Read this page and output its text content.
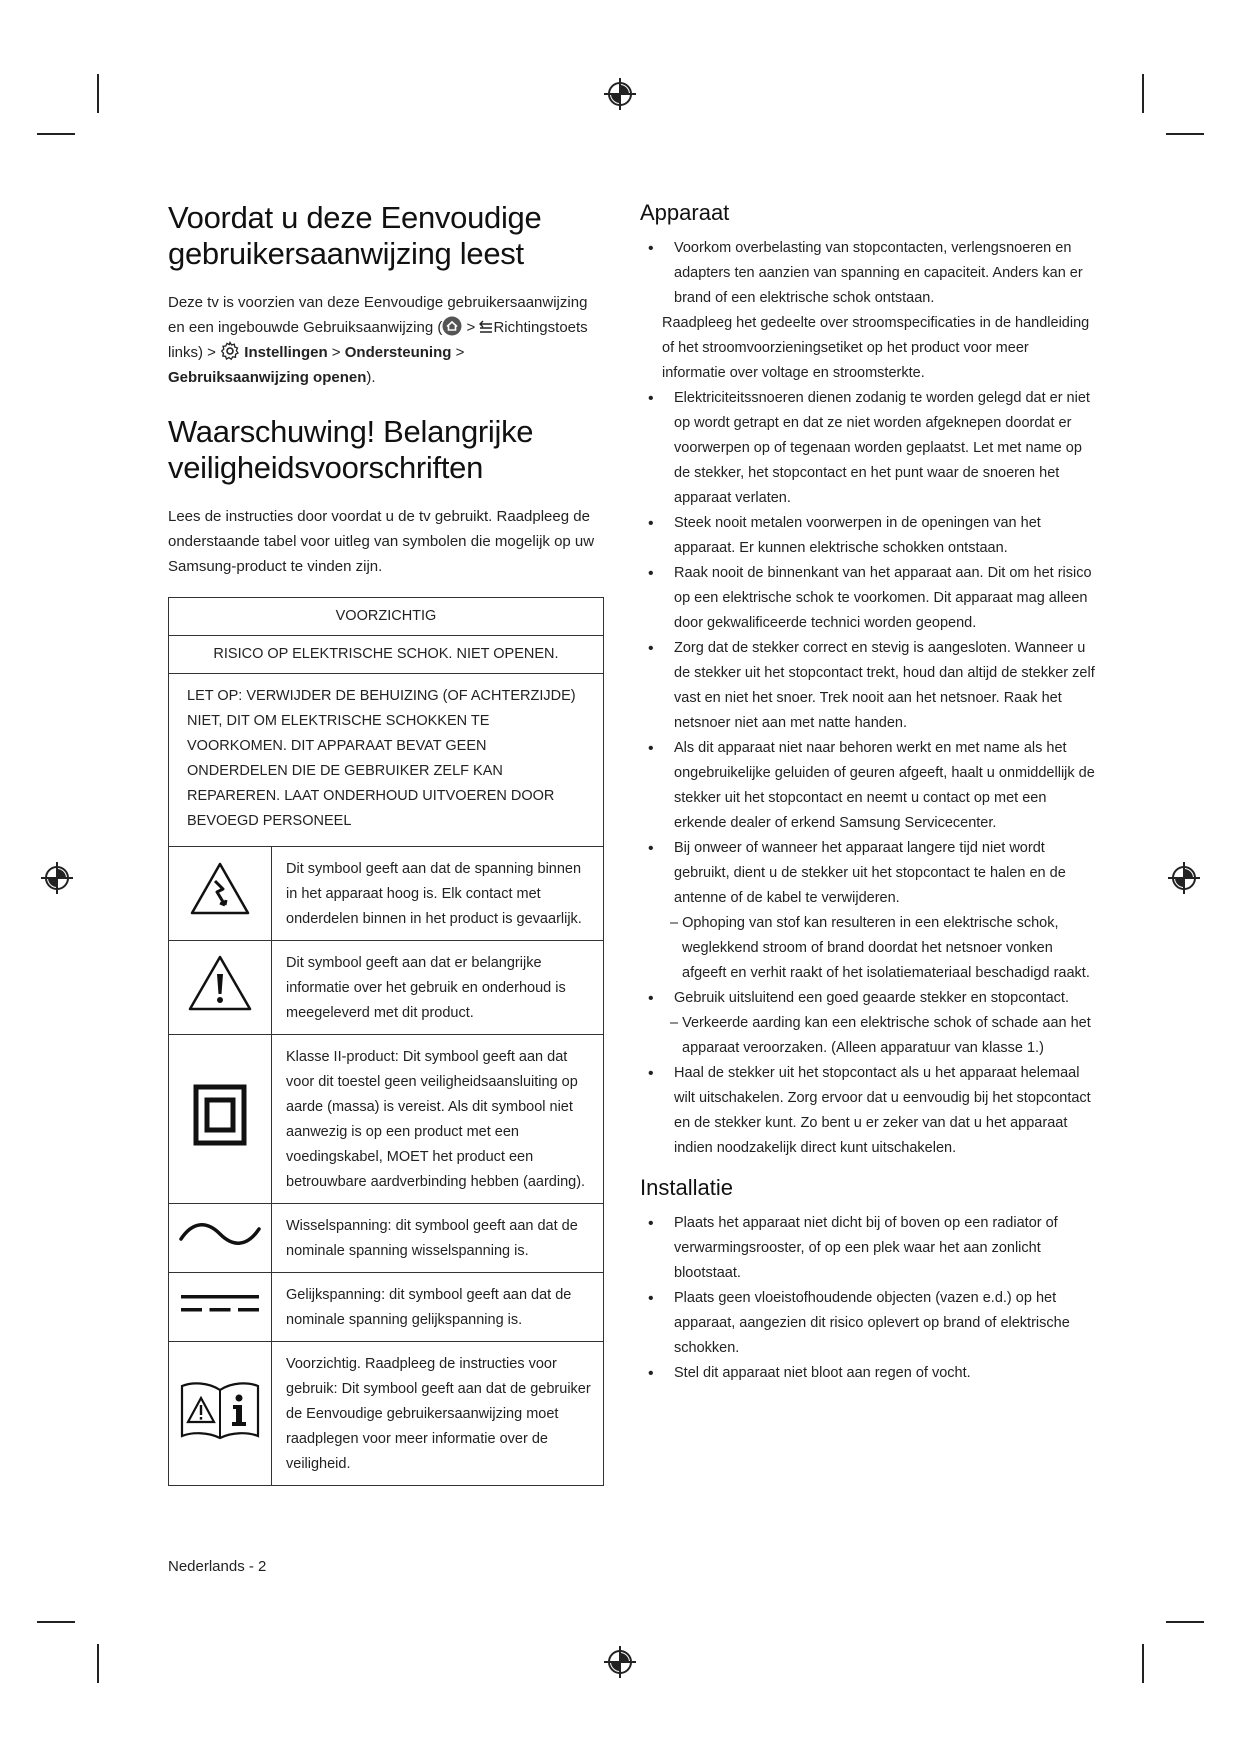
Voordat u deze Eenvoudige gebruikersaanwijzing leest

Deze tv is voorzien van deze Eenvoudige gebruikersaanwijzing en een ingebouwde Gebruiksaanwijzing ( > Richtingstoets links) >  Instellingen > Ondersteuning > Gebruiksaanwijzing openen).

Waarschuwing! Belangrijke veiligheidsvoorschriften

Lees de instructies door voordat u de tv gebruikt. Raadpleeg de onderstaande tabel voor uitleg van symbolen die mogelijk op uw Samsung-product te vinden zijn.

VOORZICHTIG	
RISICO OP ELEKTRISCHE SCHOK. NIET OPENEN.	
LET OP: VERWIJDER DE BEHUIZING (OF ACHTERZIJDE) NIET, DIT OM ELEKTRISCHE SCHOKKEN TE VOORKOMEN. DIT APPARAAT BEVAT GEEN ONDERDELEN DIE DE GEBRUIKER ZELF KAN REPAREREN. LAAT ONDERHOUD UITVOEREN DOOR BEVOEGD PERSONEEL	
	Dit symbool geeft aan dat de spanning binnen in het apparaat hoog is. Elk contact met onderdelen binnen in het product is gevaarlijk.
	Dit symbool geeft aan dat er belangrijke informatie over het gebruik en onderhoud is meegeleverd met dit product.
	Klasse II-product: Dit symbool geeft aan dat voor dit toestel geen veiligheidsaansluiting op aarde (massa) is vereist. Als dit symbool niet aanwezig is op een product met een voedingskabel, MOET het product een betrouwbare aardverbinding hebben (aarding).
	Wisselspanning: dit symbool geeft aan dat de nominale spanning wisselspanning is.
	Gelijkspanning: dit symbool geeft aan dat de nominale spanning gelijkspanning is.
	Voorzichtig. Raadpleeg de instructies voor gebruik: Dit symbool geeft aan dat de gebruiker de Eenvoudige gebruikersaanwijzing moet raadplegen voor meer informatie over de veiligheid.
Apparaat
• Voorkom overbelasting van stopcontacten, verlengsnoeren en adapters ten aanzien van spanning en capaciteit. Anders kan er brand of een elektrische schok ontstaan.
Raadpleeg het gedeelte over stroomspecificaties in de handleiding of het stroomvoorzieningsetiket op het product voor meer informatie over voltage en stroomsterkte.
• Elektriciteitssnoeren dienen zodanig te worden gelegd dat er niet op wordt getrapt en dat ze niet worden afgeknepen doordat er voorwerpen op of tegenaan worden geplaatst. Let met name op de stekker, het stopcontact en het punt waar de snoeren het apparaat verlaten.
• Steek nooit metalen voorwerpen in de openingen van het apparaat. Er kunnen elektrische schokken ontstaan.
• Raak nooit de binnenkant van het apparaat aan. Dit om het risico op een elektrische schok te voorkomen. Dit apparaat mag alleen door gekwalificeerde technici worden geopend.
• Zorg dat de stekker correct en stevig is aangesloten. Wanneer u de stekker uit het stopcontact trekt, houd dan altijd de stekker zelf vast en niet het snoer. Trek nooit aan het netsnoer. Raak het netsnoer niet aan met natte handen.
• Als dit apparaat niet naar behoren werkt en met name als het ongebruikelijke geluiden of geuren afgeeft, haalt u onmiddellijk de stekker uit het stopcontact en neemt u contact op met een erkende dealer of erkend Samsung Servicecenter.
• Bij onweer of wanneer het apparaat langere tijd niet wordt gebruikt, dient u de stekker uit het stopcontact te halen en de antenne of de kabel te verwijderen.
– Ophoping van stof kan resulteren in een elektrische schok, weglekkend stroom of brand doordat het netsnoer vonken afgeeft en verhit raakt of het isolatiemateriaal beschadigd raakt.
• Gebruik uitsluitend een goed geaarde stekker en stopcontact.
– Verkeerde aarding kan een elektrische schok of schade aan het apparaat veroorzaken. (Alleen apparatuur van klasse 1.)
• Haal de stekker uit het stopcontact als u het apparaat helemaal wilt uitschakelen. Zorg ervoor dat u eenvoudig bij het stopcontact en de stekker kunt. Zo bent u er zeker van dat u het apparaat indien noodzakelijk direct kunt uitschakelen.
Installatie
• Plaats het apparaat niet dicht bij of boven op een radiator of verwarmingsrooster, of op een plek waar het aan zonlicht blootstaat.
• Plaats geen vloeistofhoudende objecten (vazen e.d.) op het apparaat, aangezien dit risico oplevert op brand of elektrische schokken.
• Stel dit apparaat niet bloot aan regen of vocht.
Nederlands - 2
